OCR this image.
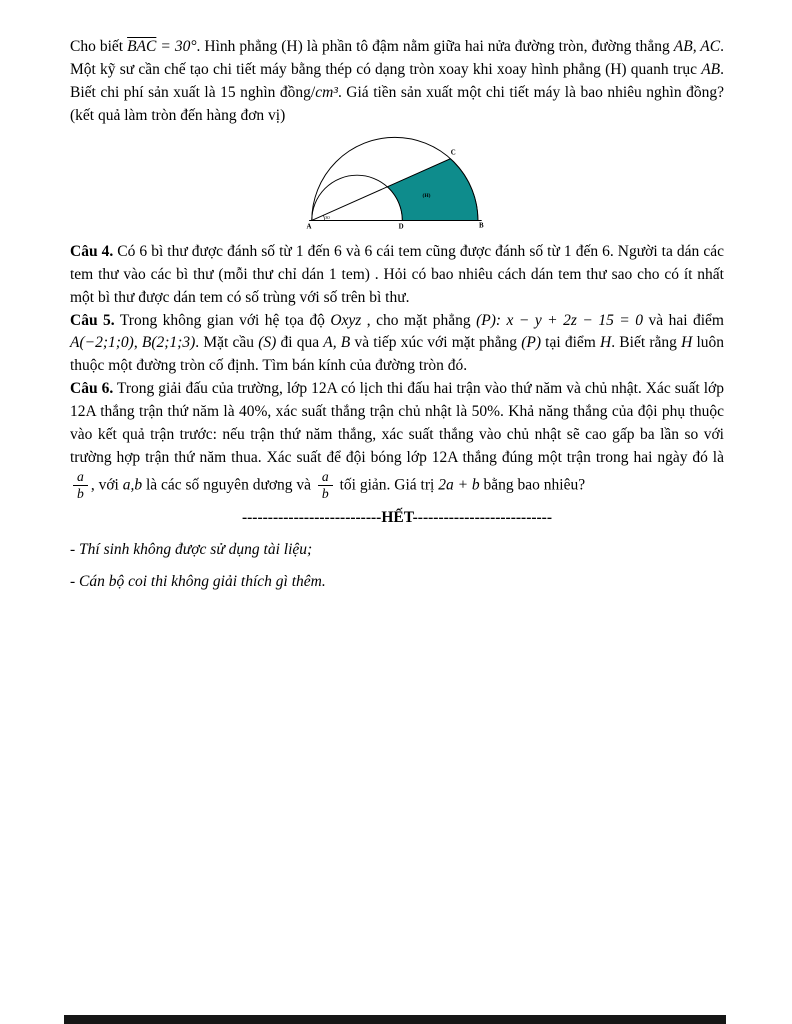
Cho biết $\overline{BAC} = 30^\circ$. Hình phẳng (H) là phần tô đậm nằm giữa hai nửa đường tròn, đường thẳng AB, AC. Một kỹ sư cần chế tạo chi tiết máy bằng thép có dạng tròn xoay khi xoay hình phẳng (H) quanh trục AB. Biết chi phí sản xuất là 15 nghìn đồng/cm³. Giá tiền sản xuất một chi tiết máy là bao nhiêu nghìn đồng? (kết quả làm tròn đến hàng đơn vị)

30
A	B
C
D
(H)

Câu 4. Có 6 bì thư được đánh số từ 1 đến 6 và 6 cái tem cũng được đánh số từ 1 đến 6. Người ta dán các tem thư vào các bì thư (mỗi thư chỉ dán 1 tem) . Hỏi có bao nhiêu cách dán tem thư sao cho có ít nhất một bì thư được dán tem có số trùng với số trên bì thư.

Câu 5. Trong không gian với hệ tọa độ Oxyz , cho mặt phẳng (P): x − y + 2z − 15 = 0 và hai điểm A(−2;1;0), B(2;1;3). Mặt cầu (S) đi qua A, B và tiếp xúc với mặt phẳng (P) tại điểm H. Biết rằng H luôn thuộc một đường tròn cố định. Tìm bán kính của đường tròn đó.

Câu 6. Trong giải đấu của trường, lớp 12A có lịch thi đấu hai trận vào thứ năm và chủ nhật. Xác suất lớp 12A thắng trận thứ năm là 40%, xác suất thắng trận chủ nhật là 50%. Khả năng thắng của đội phụ thuộc vào kết quả trận trước: nếu trận thứ năm thắng, xác suất thắng vào chủ nhật sẽ cao gấp ba lần so với trường hợp trận thứ năm thua. Xác suất để đội bóng lớp 12A thắng đúng một trận trong hai ngày đó là
$\frac{a}{b}$ , với a,b là các số nguyên dương và $\frac{a}{b}$ tối giản. Giá trị 2a + b bằng bao nhiêu?

---------------------------HẾT---------------------------

- Thí sinh không được sử dụng tài liệu;

- Cán bộ coi thi không giải thích gì thêm.
